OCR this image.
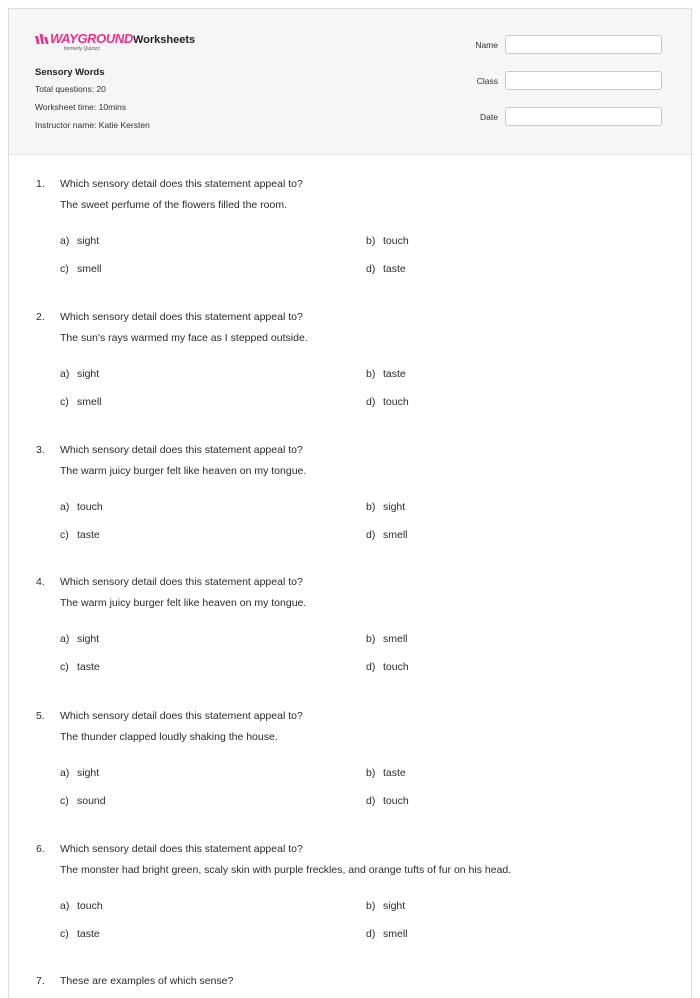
WAYGROUND
formerly Quizizz
Worksheets
Sensory Words
Total questions: 20
Worksheet time: 10mins
Instructor name: Katie Kersten
Name
Class
Date
1. Which sensory detail does this statement appeal to?
The sweet perfume of the flowers filled the room.
a) sight	b) touch
c) smell	d) taste
2. Which sensory detail does this statement appeal to?
The sun's rays warmed my face as I stepped outside.
a) sight	b) taste
c) smell	d) touch
3. Which sensory detail does this statement appeal to?
The warm juicy burger felt like heaven on my tongue.
a) touch	b) sight
c) taste	d) smell
4. Which sensory detail does this statement appeal to?
The warm juicy burger felt like heaven on my tongue.
a) sight	b) smell
c) taste	d) touch
5. Which sensory detail does this statement appeal to?
The thunder clapped loudly shaking the house.
a) sight	b) taste
c) sound	d) touch
6. Which sensory detail does this statement appeal to?
The monster had bright green, scaly skin with purple freckles, and orange tufts of fur on his head.
a) touch	b) sight
c) taste	d) smell
7. These are examples of which sense?
